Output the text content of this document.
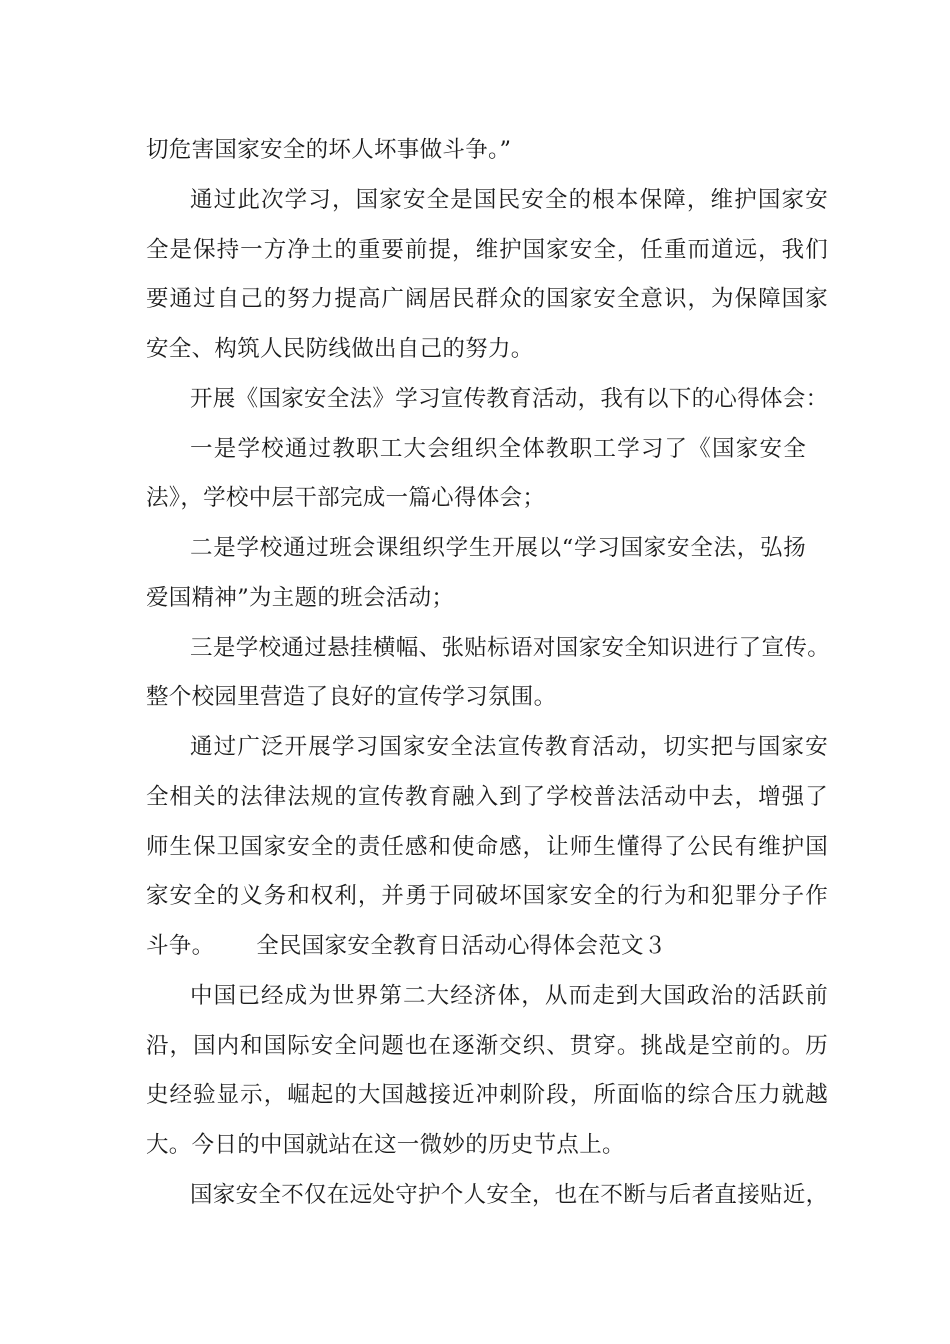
切危害国家安全的坏人坏事做斗争。”
通过此次学习，国家安全是国民安全的根本保障，维护国家安
全是保持一方净土的重要前提，维护国家安全，任重而道远，我们
要通过自己的努力提高广阔居民群众的国家安全意识，为保障国家
安全、构筑人民防线做出自己的努力。
开展《国家安全法》学习宣传教育活动，我有以下的心得体会：
一是学校通过教职工大会组织全体教职工学习了《国家安全
法》，学校中层干部完成一篇心得体会；
二是学校通过班会课组织学生开展以“学习国家安全法，弘扬
爱国精神”为主题的班会活动；
三是学校通过悬挂横幅、张贴标语对国家安全知识进行了宣传。
整个校园里营造了良好的宣传学习氛围。
通过广泛开展学习国家安全法宣传教育活动，切实把与国家安
全相关的法律法规的宣传教育融入到了学校普法活动中去，增强了
师生保卫国家安全的责任感和使命感，让师生懂得了公民有维护国
家安全的义务和权利，并勇于同破坏国家安全的行为和犯罪分子作
斗争。　　 全民国家安全教育日活动心得体会范文３
中国已经成为世界第二大经济体，从而走到大国政治的活跃前
沿，国内和国际安全问题也在逐渐交织、贯穿。挑战是空前的。历
史经验显示，崛起的大国越接近冲刺阶段，所面临的综合压力就越
大。今日的中国就站在这一微妙的历史节点上。
国家安全不仅在远处守护个人安全，也在不断与后者直接贴近，
